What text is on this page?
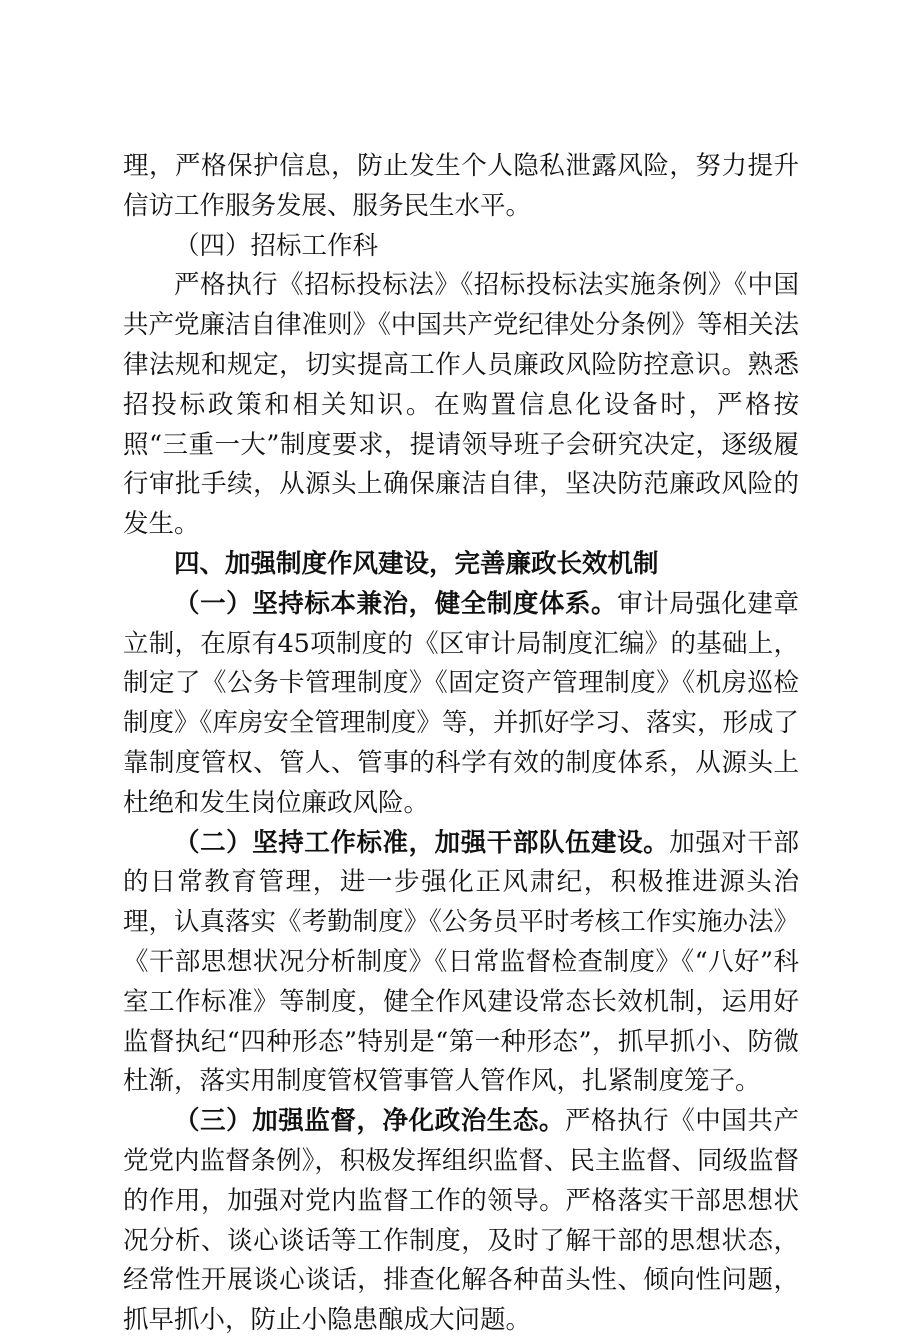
理，严格保护信息，防止发生个人隐私泄露风险，努力提升信访工作服务发展、服务民生水平。

（四）招标工作科

严格执行《招标投标法》《招标投标法实施条例》《中国共产党廉洁自律准则》《中国共产党纪律处分条例》等相关法律法规和规定，切实提高工作人员廉政风险防控意识。熟悉招投标政策和相关知识。在购置信息化设备时，严格按照“三重一大”制度要求，提请领导班子会研究决定，逐级履行审批手续，从源头上确保廉洁自律，坚决防范廉政风险的发生。

四、加强制度作风建设，完善廉政长效机制

（一）坚持标本兼治，健全制度体系。审计局强化建章立制，在原有45项制度的《区审计局制度汇编》的基础上，制定了《公务卡管理制度》《固定资产管理制度》《机房巡检制度》《库房安全管理制度》等，并抓好学习、落实，形成了靠制度管权、管人、管事的科学有效的制度体系，从源头上杜绝和发生岗位廉政风险。

（二）坚持工作标准，加强干部队伍建设。加强对干部的日常教育管理，进一步强化正风肃纪，积极推进源头治理，认真落实《考勤制度》《公务员平时考核工作实施办法》《干部思想状况分析制度》《日常监督检查制度》《“八好”科室工作标准》等制度，健全作风建设常态长效机制，运用好监督执纪“四种形态”特别是“第一种形态”，抓早抓小、防微杜渐，落实用制度管权管事管人管作风，扎紧制度笼子。

（三）加强监督，净化政治生态。严格执行《中国共产党党内监督条例》，积极发挥组织监督、民主监督、同级监督的作用，加强对党内监督工作的领导。严格落实干部思想状况分析、谈心谈话等工作制度，及时了解干部的思想状态，经常性开展谈心谈话，排查化解各种苗头性、倾向性问题，抓早抓小，防止小隐患酿成大问题。
